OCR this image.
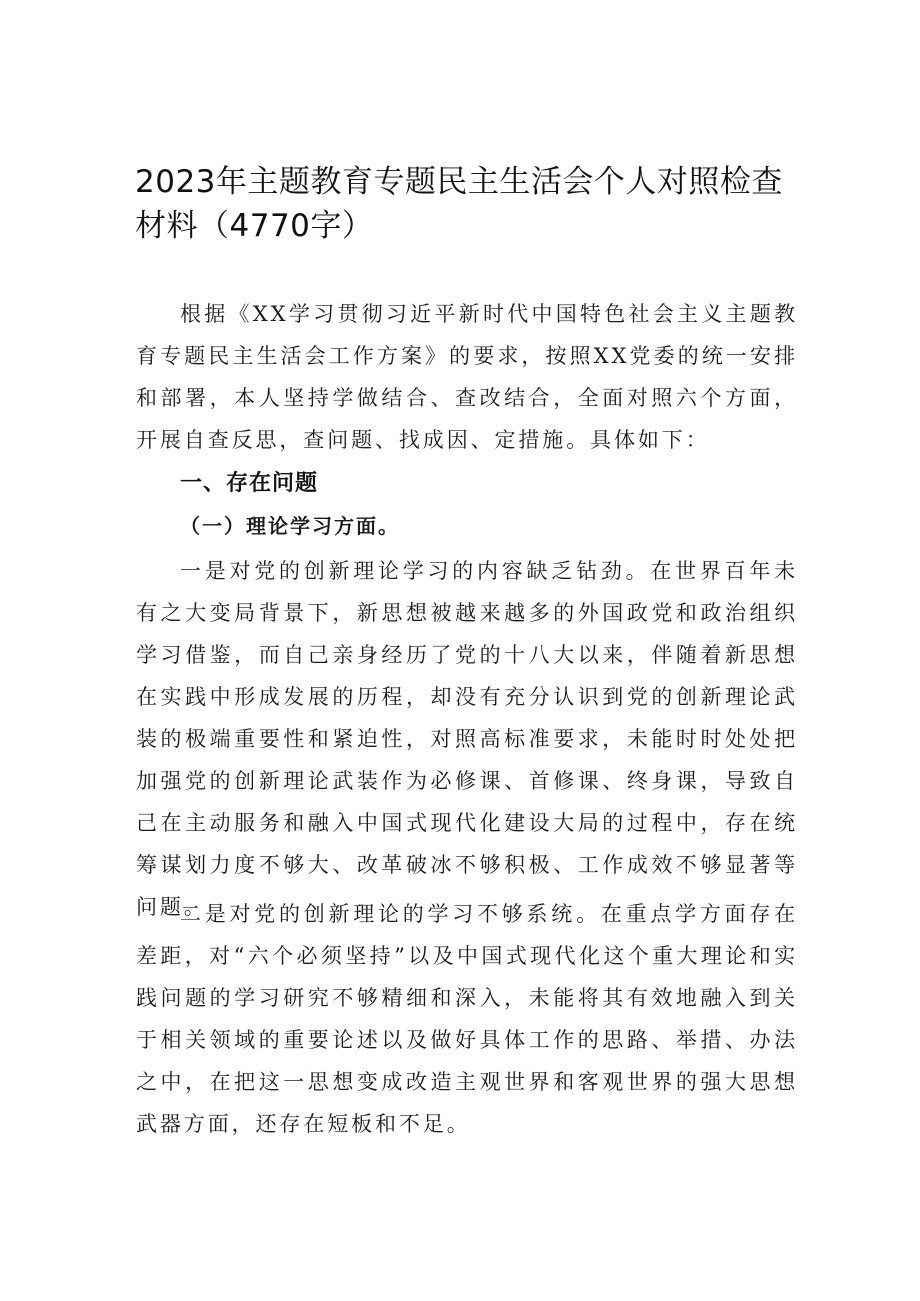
2023年主题教育专题民主生活会个人对照检查材料（4770字）

根据《XX学习贯彻习近平新时代中国特色社会主义主题教育专题民主生活会工作方案》的要求，按照XX党委的统一安排和部署，本人坚持学做结合、查改结合，全面对照六个方面，开展自查反思，查问题、找成因、定措施。具体如下：

一、存在问题
（一）理论学习方面。

一是对党的创新理论学习的内容缺乏钻劲。在世界百年未有之大变局背景下，新思想被越来越多的外国政党和政治组织学习借鉴，而自己亲身经历了党的十八大以来，伴随着新思想在实践中形成发展的历程，却没有充分认识到党的创新理论武装的极端重要性和紧迫性，对照高标准要求，未能时时处处把加强党的创新理论武装作为必修课、首修课、终身课，导致自己在主动服务和融入中国式现代化建设大局的过程中，存在统筹谋划力度不够大、改革破冰不够积极、工作成效不够显著等问题。

二是对党的创新理论的学习不够系统。在重点学方面存在差距，对“六个必须坚持”以及中国式现代化这个重大理论和实践问题的学习研究不够精细和深入，未能将其有效地融入到关于相关领域的重要论述以及做好具体工作的思路、举措、办法之中，在把这一思想变成改造主观世界和客观世界的强大思想武器方面，还存在短板和不足。
